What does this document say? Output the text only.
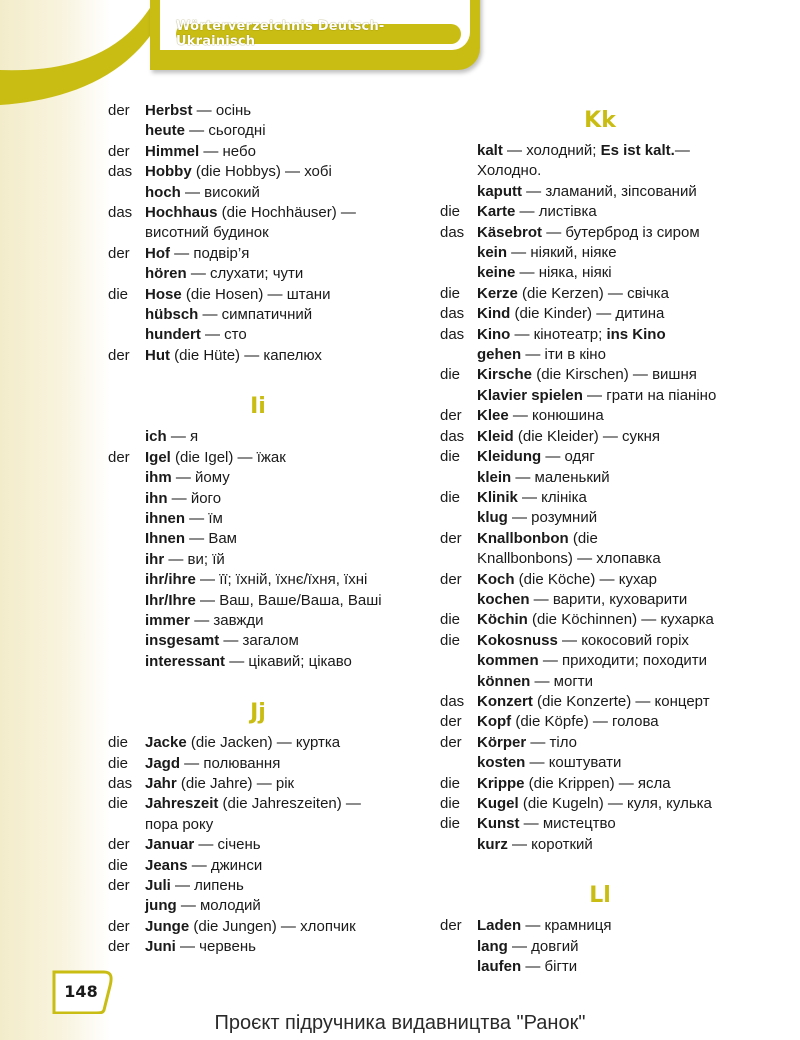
Wörterverzeichnis Deutsch-Ukrainisch
der	Herbst — осінь
heute — сьогодні
der	Himmel — небо
das Hobby (die Hobbys) — хобі
hoch — високий
das Hochhaus (die Hochhäuser) —
висотний будинок
der	Hof — подвір’я
hören — слухати; чути
die	Hose (die Hosen) — штани
hübsch — симпатичний
hundert — сто
der	Hut (die Hüte) — капелюх
Ii
ich — я
der	Igel (die Igel) — їжак
ihm — йому
ihn — його
ihnen — їм
Ihnen — Вам
ihr — ви; їй
ihr/ihre — її; їхній, їхнє/їхня, їхні
Ihr/Ihre — Ваш, Ваше/Ваша, Ваші
immer — завжди
insgesamt — загалом
interessant — цікавий; цікаво
Jj
die	Jacke (die Jacken) — куртка
die	Jagd — полювання
das Jahr (die Jahre) — рік
die	Jahreszeit (die Jahreszeiten) —
пора року
der	Januar — січень
die	Jeans — джинси
der	Juli — липень
jung — молодий
der	Junge (die Jungen) — хлопчик
der	Juni — червень
Kk
kalt — холодний; Es ist kalt.—
Холодно.
kaputt — зламаний, зіпсований
die	Karte — листівка
das Käsebrot — бутерброд із сиром
kein — ніякий, ніяке
keine — ніяка, ніякі
die	Kerze (die Kerzen) — свічка
das Kind (die Kinder) — дитина
das Kino — кінотеатр; ins Kino
gehen — іти в кіно
die	Kirsche (die Kirschen) — вишня
Klavier spielen — грати на піаніно
der	Klee — конюшина
das Kleid (die Kleider) — сукня
die	Kleidung — одяг
klein — маленький
die	Klinik — клініка
klug — розумний
der	Knallbonbon (die
Knallbonbons) — хлопавка
der	Koch (die Köche) — кухар
kochen — варити, куховарити
die	Köchin (die Köchinnen) — кухарка
die	Kokosnuss — кокосовий горіх
kommen — приходити; походити
können — могти
das Konzert (die Konzerte) — концерт
der	Kopf (die Köpfe) — голова
der	Körper — тіло
kosten — коштувати
die	Krippe (die Krippen) — ясла
die	Kugel (die Kugeln) — куля, кулька
die	Kunst — мистецтво
kurz — короткий
Ll
der	Laden — крамниця
lang — довгий
laufen — бігти
148
Проєкт підручника видавництва "Ранок"
